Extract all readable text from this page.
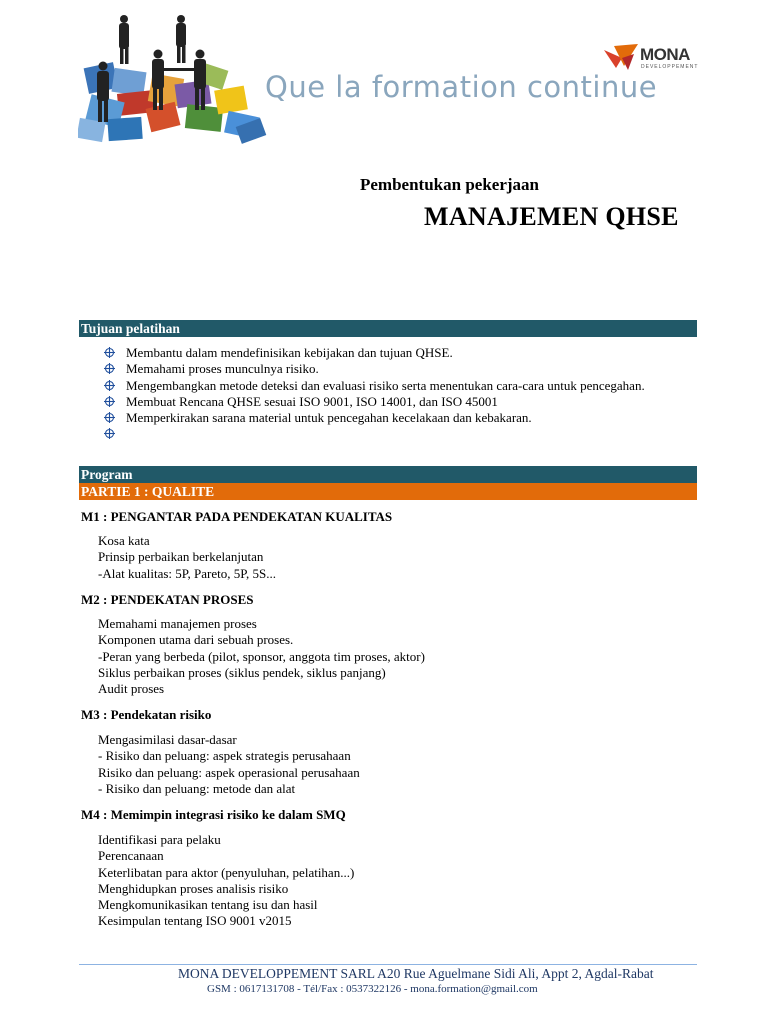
Que la formation continue
MONA
DEVELOPPEMENT
Pembentukan pekerjaan
MANAJEMEN QHSE
Tujuan pelatihan
Membantu dalam mendefinisikan kebijakan dan tujuan QHSE.
Memahami proses munculnya risiko.
Mengembangkan metode deteksi dan evaluasi risiko serta menentukan cara-cara untuk pencegahan.
Membuat Rencana QHSE sesuai ISO 9001, ISO 14001, dan ISO 45001
Memperkirakan sarana material untuk pencegahan kecelakaan dan kebakaran.
Program
PARTIE 1 : QUALITE
M1 : PENGANTAR PADA PENDEKATAN KUALITAS
Kosa kata
Prinsip perbaikan berkelanjutan
-Alat kualitas: 5P, Pareto, 5P, 5S...
M2 : PENDEKATAN PROSES
Memahami manajemen proses
Komponen utama dari sebuah proses.
-Peran yang berbeda (pilot, sponsor, anggota tim proses, aktor)
Siklus perbaikan proses (siklus pendek, siklus panjang)
Audit proses
M3 : Pendekatan risiko
Mengasimilasi dasar-dasar
- Risiko dan peluang: aspek strategis perusahaan
Risiko dan peluang: aspek operasional perusahaan
- Risiko dan peluang: metode dan alat
M4 : Memimpin integrasi risiko ke dalam SMQ
Identifikasi para pelaku
Perencanaan
Keterlibatan para aktor (penyuluhan, pelatihan...)
Menghidupkan proses analisis risiko
Mengkomunikasikan tentang isu dan hasil
Kesimpulan tentang ISO 9001 v2015
MONA DEVELOPPEMENT SARL A20 Rue Aguelmane Sidi Ali, Appt 2, Agdal-Rabat
GSM : 0617131708 - Tél/Fax : 0537322126 - mona.formation@gmail.com
